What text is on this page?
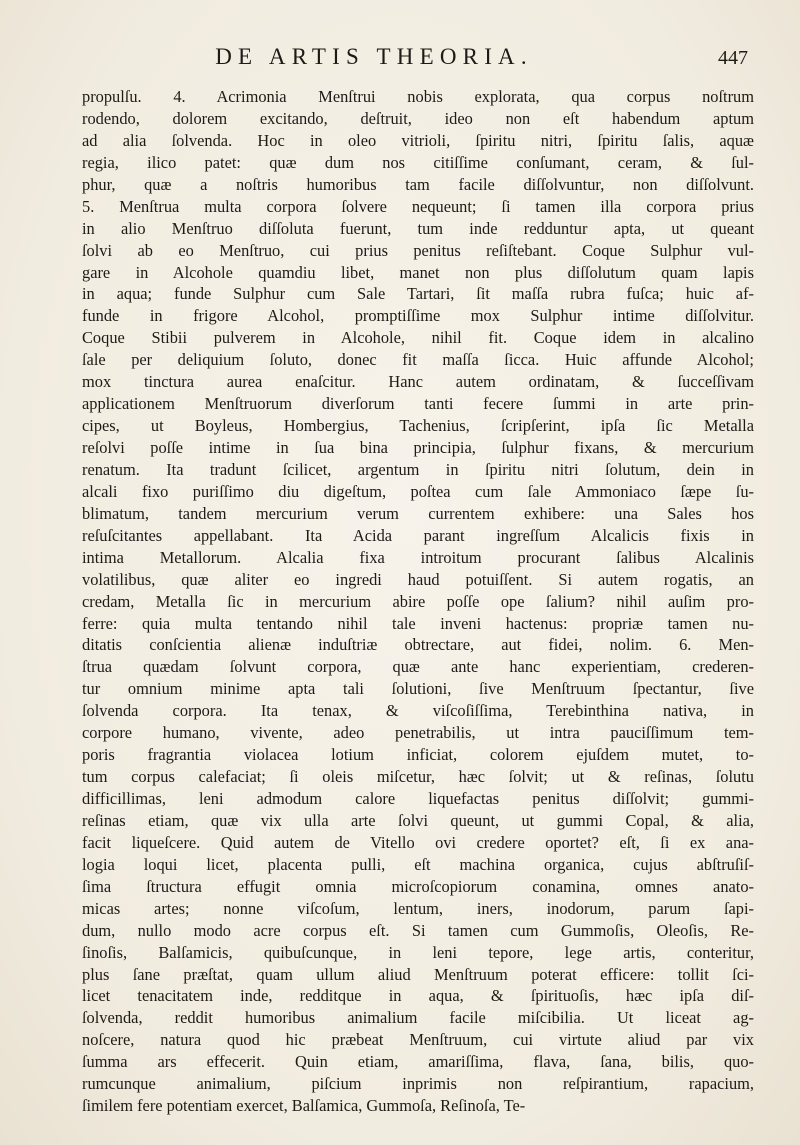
DE ARTIS THEORIA.	447
propulſu. 4. Acrimonia Menſtrui nobis explorata, qua corpus noſtrum
rodendo, dolorem excitando, deſtruit, ideo non eſt habendum aptum
ad alia ſolvenda. Hoc in oleo vitrioli, ſpiritu nitri, ſpiritu ſalis, aquæ
regia, ilico patet: quæ dum nos citiſſime conſumant, ceram, & ſul-
phur, quæ a noſtris humoribus tam facile diſſolvuntur, non diſſolvunt.
5. Menſtrua multa corpora ſolvere nequeunt; ſi tamen illa corpora prius
in alio Menſtruo diſſoluta fuerunt, tum inde redduntur apta, ut queant
ſolvi ab eo Menſtruo, cui prius penitus reſiſtebant. Coque Sulphur vul-
gare in Alcohole quamdiu libet, manet non plus diſſolutum quam lapis
in aqua; funde Sulphur cum Sale Tartari, ſit maſſa rubra fuſca; huic af-
funde in frigore Alcohol, promptiſſime mox Sulphur intime diſſolvitur.
Coque Stibii pulverem in Alcohole, nihil fit. Coque idem in alcalino
ſale per deliquium ſoluto, donec fit maſſa ſicca. Huic affunde Alcohol;
mox tinctura aurea enaſcitur. Hanc autem ordinatam, & ſucceſſivam
applicationem Menſtruorum diverſorum tanti fecere ſummi in arte prin-
cipes, ut Boyleus, Hombergius, Tachenius, ſcripſerint, ipſa ſic Metalla
reſolvi poſſe intime in ſua bina principia, ſulphur fixans, & mercurium
renatum. Ita tradunt ſcilicet, argentum in ſpiritu nitri ſolutum, dein in
alcali fixo puriſſimo diu digeſtum, poſtea cum ſale Ammoniaco ſæpe ſu-
blimatum, tandem mercurium verum currentem exhibere: una Sales hos
reſuſcitantes appellabant. Ita Acida parant ingreſſum Alcalicis fixis in
intima Metallorum. Alcalia fixa introitum procurant ſalibus Alcalinis
volatilibus, quæ aliter eo ingredi haud potuiſſent. Si autem rogatis, an
credam, Metalla ſic in mercurium abire poſſe ope ſalium? nihil auſim pro-
ferre: quia multa tentando nihil tale inveni hactenus: propriæ tamen nu-
ditatis conſcientia alienæ induſtriæ obtrectare, aut fidei, nolim. 6. Men-
ſtrua quædam ſolvunt corpora, quæ ante hanc experientiam, crederen-
tur omnium minime apta tali ſolutioni, ſive Menſtruum ſpectantur, ſive
ſolvenda corpora. Ita tenax, & viſcoſiſſima, Terebinthina nativa, in
corpore humano, vivente, adeo penetrabilis, ut intra pauciſſimum tem-
poris fragrantia violacea lotium inficiat, colorem ejuſdem mutet, to-
tum corpus calefaciat; ſi oleis miſcetur, hæc ſolvit; ut & reſinas, ſolutu
difficillimas, leni admodum calore liquefactas penitus diſſolvit; gummi-
reſinas etiam, quæ vix ulla arte ſolvi queunt, ut gummi Copal, & alia,
facit liqueſcere. Quid autem de Vitello ovi credere oportet? eſt, ſi ex ana-
logia loqui licet, placenta pulli, eſt machina organica, cujus abſtruſiſ-
ſima ſtructura effugit omnia microſcopiorum conamina, omnes anato-
micas artes; nonne viſcoſum, lentum, iners, inodorum, parum ſapi-
dum, nullo modo acre corpus eſt. Si tamen cum Gummoſis, Oleoſis, Re-
ſinoſis, Balſamicis, quibuſcunque, in leni tepore, lege artis, conteritur,
plus ſane præſtat, quam ullum aliud Menſtruum poterat efficere: tollit ſci-
licet tenacitatem inde, redditque in aqua, & ſpirituoſis, hæc ipſa diſ-
ſolvenda, reddit humoribus animalium facile miſcibilia. Ut liceat ag-
noſcere, natura quod hic præbeat Menſtruum, cui virtute aliud par vix
ſumma ars effecerit. Quin etiam, amariſſima, flava, ſana, bilis, quo-
rumcunque animalium, piſcium inprimis non reſpirantium, rapacium,
ſimilem fere potentiam exercet, Balſamica, Gummoſa, Reſinoſa, Te-
